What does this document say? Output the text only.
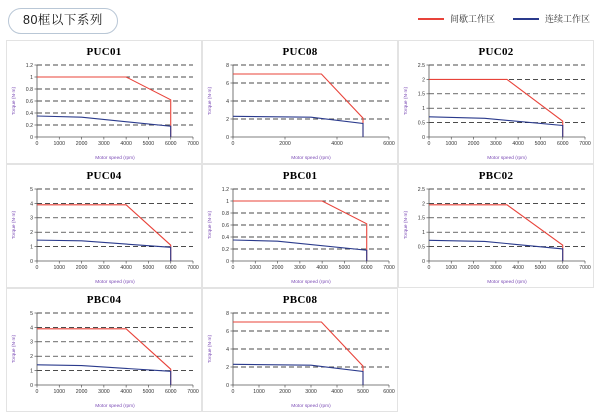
80框以下系列	间歇工作区	连续工作区
PUC01
0	1000 2000 3000 4000 5000 6000 7000
0
0.2
0.4
0.6
0.8
1
1.2
Motor speed (rpm)
Torque (N·m)
PUC08
0	2000	4000	6000
0
2
4
6
8
Motor speed (rpm)
Torque (N·m)
PUC02
0	1000 2000 3000 4000 5000 6000 7000
0
0.5
1
1.5
2
2.5
Motor speed (rpm)
Torque (N·m)
PUC04
0	1000 2000 3000 4000 5000 6000 7000
0
1
2
3
4
5
Motor speed (rpm)
Torque (N·m)
PBC01
0	1000 2000 3000 4000 5000 6000 7000
0
0.2
0.4
0.6
0.8
1
1.2
Motor speed (rpm)
Torque (N·m)
PBC02
0	1000 2000 3000 4000 5000 6000 7000
0
0.5
1
1.5
2
2.5
Motor speed (rpm)
Torque (N·m)
PBC04
0	1000 2000 3000 4000 5000 6000 7000
0
1
2
3
4
5
Motor speed (rpm)
Torque (N·m)
PBC08
0	1000	2000	3000	4000	5000	6000
0
2
4
6
8
Motor speed (rpm)
Torque (N·m)
